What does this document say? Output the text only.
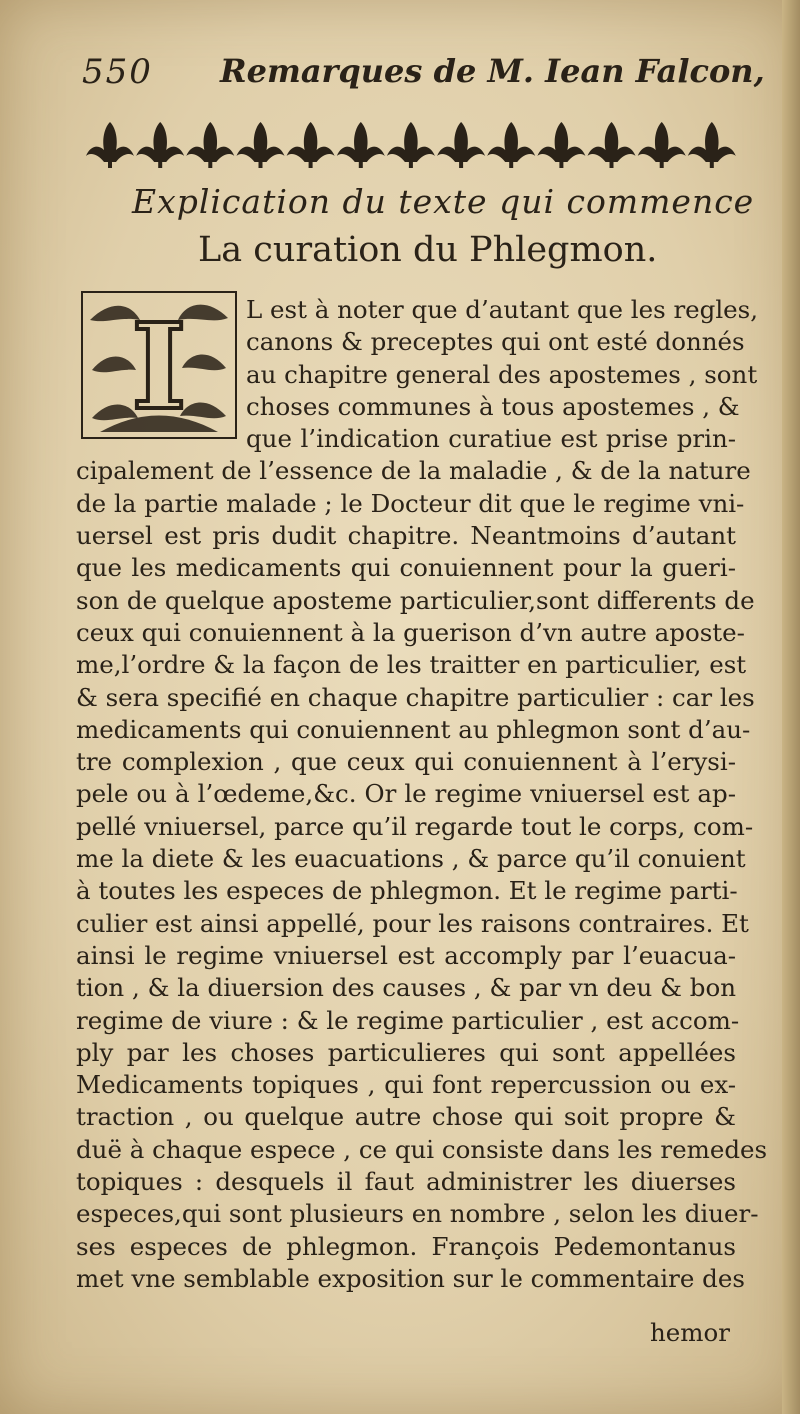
550 Remarques de M. Iean Falcon,
Explication du texte qui commence
La curation du Phlegmon.
I	L est à noter que d’autant que les regles,
canons & preceptes qui ont esté donnés
au chapitre general des apostemes , sont
choses communes à tous apostemes , &
que l’indication curatiue est prise prin-
cipalement de l’essence de la maladie , & de la nature
de la partie malade ; le Docteur dit que le regime vni-
uersel est pris dudit chapitre. Neantmoins d’autant
que les medicaments qui conuiennent pour la gueri-
son de quelque aposteme particulier,sont differents de
ceux qui conuiennent à la guerison d’vn autre aposte-
me,l’ordre & la façon de les traitter en particulier, est
& sera specifié en chaque chapitre particulier : car les
medicaments qui conuiennent au phlegmon sont d’au-
tre complexion , que ceux qui conuiennent à l’erysi-
pele ou à l’œdeme,&c. Or le regime vniuersel est ap-
pellé vniuersel, parce qu’il regarde tout le corps, com-
me la diete & les euacuations , & parce qu’il conuient
à toutes les especes de phlegmon. Et le regime parti-
culier est ainsi appellé, pour les raisons contraires. Et
ainsi le regime vniuersel est accomply par l’euacua-
tion , & la diuersion des causes , & par vn deu & bon
regime de viure : & le regime particulier , est accom-
ply par les choses particulieres qui sont appellées
Medicaments topiques , qui font repercussion ou ex-
traction , ou quelque autre chose qui soit propre &
duë à chaque espece , ce qui consiste dans les remedes
topiques : desquels il faut administrer les diuerses
especes,qui sont plusieurs en nombre , selon les diuer-
ses especes de phlegmon. François Pedemontanus
met vne semblable exposition sur le commentaire des
hemor
